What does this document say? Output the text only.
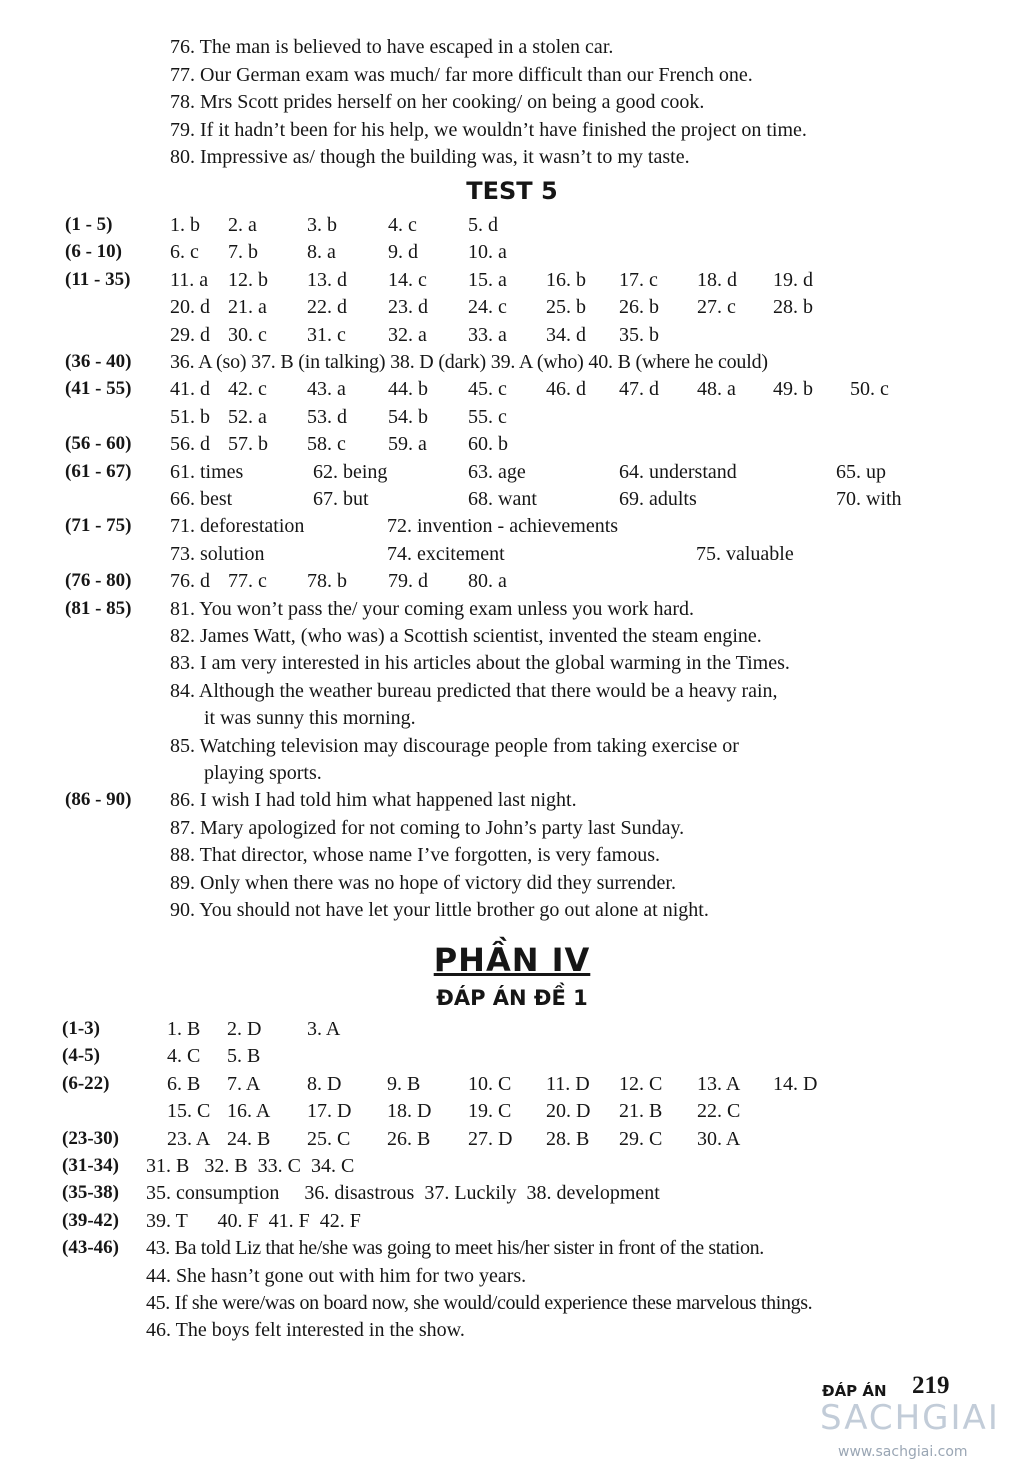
76. The man is believed to have escaped in a stolen car.
77. Our German exam was much/ far more difficult than our French one.
78. Mrs Scott prides herself on her cooking/ on being a good cook.
79. If it hadn’t been for his help, we wouldn’t have finished the project on time.
80. Impressive as/ though the building was, it wasn’t to my taste.
TEST 5
(1 - 5)	1. b 2. a	3. b	4. c	5. d
(6 - 10) 6. c 7. b 8. a	9. d	10. a
(11 - 35) 11. a 12. b 13. d 14. c 15. a 16. b 17. c 18. d 19. d
20. d 21. a 22. d 23. d 24. c 25. b 26. b 27. c 28. b
29. d 30. c 31. c 32. a 33. a 34. d 35. b
(36 - 40) 36. A (so) 37. B (in talking) 38. D (dark) 39. A (who) 40. B (where he could)
(41 - 55) 41. d 42. c 43. a 44. b 45. c 46. d 47. d 48. a 49. b 50. c
51. b 52. a 53. d 54. b 55. c
(56 - 60) 56. d 57. b 58. c 59. a 60. b
(61 - 67) 61. times	62. being	63. age	64. understand	65. up
66. best	67. but	68. want	69. adults	70. with
(71 - 75) 71. deforestation	72. invention - achievements
73. solution	74. excitement	75. valuable
(76 - 80) 76. d 77. c 78. b 79. d 80. a
(81 - 85) 81. You won’t pass the/ your coming exam unless you work hard.
82. James Watt, (who was) a Scottish scientist, invented the steam engine.
83. I am very interested in his articles about the global warming in the Times.
84. Although the weather bureau predicted that there would be a heavy rain,
it was sunny this morning.
85. Watching television may discourage people from taking exercise or
playing sports.
(86 - 90) 86. I wish I had told him what happened last night.
87. Mary apologized for not coming to John’s party last Sunday.
88. That director, whose name I’ve forgotten, is very famous.
89. Only when there was no hope of victory did they surrender.
90. You should not have let your little brother go out alone at night.
PHẦN IV
ĐÁP ÁN ĐỀ 1
(1-3)	1. B 2. D 3. A
(4-5)	4. C 5. B
(6-22)	6. B 7. A 8. D 9. B 10. C 11. D 12. C 13. A 14. D
15. C 16. A 17. D 18. D 19. C 20. D 21. B 22. C
(23-30) 23. A 24. B 25. C 26. B 27. D 28. B 29. C 30. A
(31-34) 31. B   32. B  33. C  34. C
(35-38) 35. consumption     36. disastrous  37. Luckily  38. development
(39-42) 39. T      40. F  41. F  42. F
(43-46) 43. Ba told Liz that he/she was going to meet his/her sister in front of the station.
44. She hasn’t gone out with him for two years.
45. If she were/was on board now, she would/could experience these marvelous things.
46. The boys felt interested in the show.
ĐÁP ÁN 219
SACHGIAI
www.sachgiai.com
